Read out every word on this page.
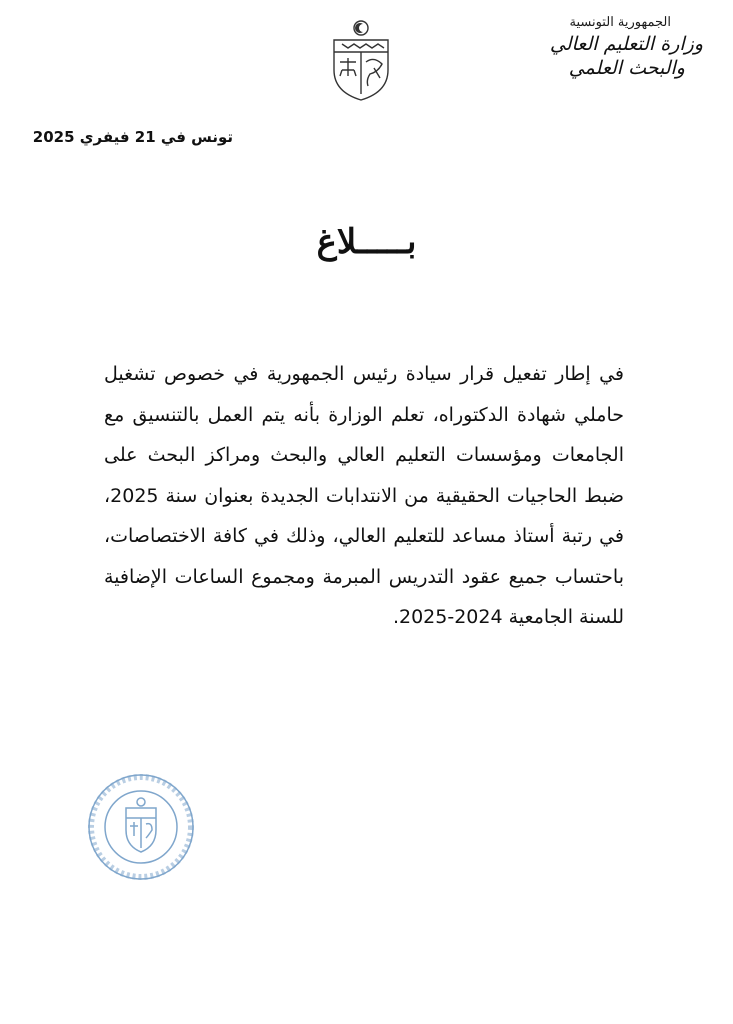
الجمهورية التونسية
وزارة التعليم العالي
والبحث العلمي
تونس في 21 فيفري 2025
بـــــلاغ
في إطار تفعيل قرار سيادة رئيس الجمهورية في خصوص تشغيل حاملي شهادة الدكتوراه، تعلم الوزارة بأنه يتم العمل بالتنسيق مع الجامعات ومؤسسات التعليم العالي والبحث ومراكز البحث على ضبط الحاجيات الحقيقية من الانتدابات الجديدة بعنوان سنة 2025، في رتبة أستاذ مساعد للتعليم العالي، وذلك في كافة الاختصاصات، باحتساب جميع عقود التدريس المبرمة ومجموع الساعات الإضافية للسنة الجامعية 2024-2025.
